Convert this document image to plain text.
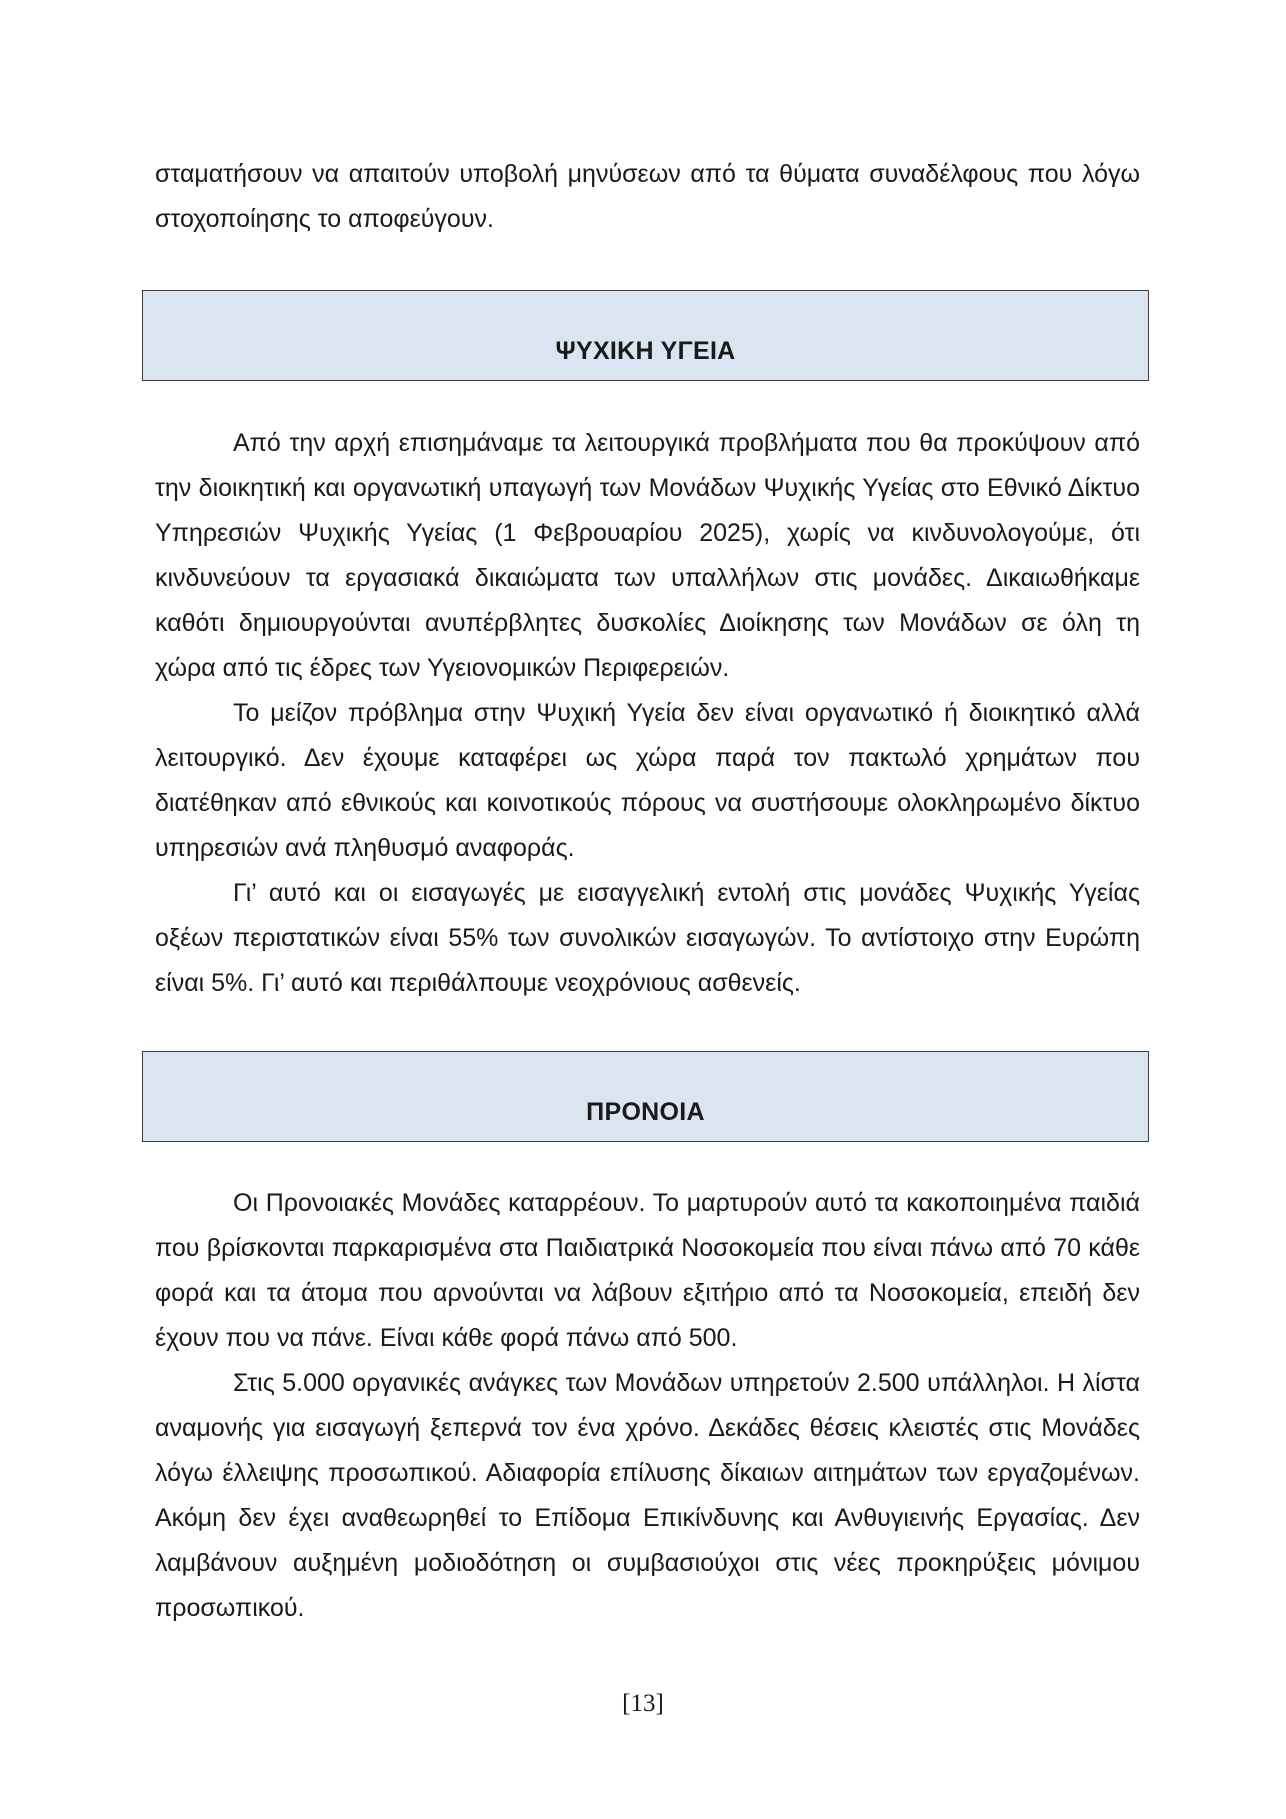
σταματήσουν να απαιτούν υποβολή μηνύσεων από τα θύματα συναδέλφους που λόγω στοχοποίησης το αποφεύγουν.

ΨΥΧΙΚΗ ΥΓΕΙΑ

Από την αρχή επισημάναμε τα λειτουργικά προβλήματα που θα προκύψουν από την διοικητική και οργανωτική υπαγωγή των Μονάδων Ψυχικής Υγείας στο Εθνικό Δίκτυο Υπηρεσιών Ψυχικής Υγείας (1 Φεβρουαρίου 2025), χωρίς να κινδυνολογούμε, ότι κινδυνεύουν τα εργασιακά δικαιώματα των υπαλλήλων στις μονάδες. Δικαιωθήκαμε καθότι δημιουργούνται ανυπέρβλητες δυσκολίες Διοίκησης των Μονάδων σε όλη τη χώρα από τις έδρες των Υγειονομικών Περιφερειών.

Το μείζον πρόβλημα στην Ψυχική Υγεία δεν είναι οργανωτικό ή διοικητικό αλλά λειτουργικό. Δεν έχουμε καταφέρει ως χώρα παρά τον πακτωλό χρημάτων που διατέθηκαν από εθνικούς και κοινοτικούς πόρους να συστήσουμε ολοκληρωμένο δίκτυο υπηρεσιών ανά πληθυσμό αναφοράς.

Γι’ αυτό και οι εισαγωγές με εισαγγελική εντολή στις μονάδες Ψυχικής Υγείας οξέων περιστατικών είναι 55% των συνολικών εισαγωγών. Το αντίστοιχο στην Ευρώπη είναι 5%. Γι’ αυτό και περιθάλπουμε νεοχρόνιους ασθενείς.

ΠΡΟΝΟΙΑ

Οι Προνοιακές Μονάδες καταρρέουν. Το μαρτυρούν αυτό τα κακοποιημένα παιδιά που βρίσκονται παρκαρισμένα στα Παιδιατρικά Νοσοκομεία που είναι πάνω από 70 κάθε φορά και τα άτομα που αρνούνται να λάβουν εξιτήριο από τα Νοσοκομεία, επειδή δεν έχουν που να πάνε. Είναι κάθε φορά πάνω από 500.

Στις 5.000 οργανικές ανάγκες των Μονάδων υπηρετούν 2.500 υπάλληλοι. Η λίστα αναμονής για εισαγωγή ξεπερνά τον ένα χρόνο. Δεκάδες θέσεις κλειστές στις Μονάδες λόγω έλλειψης προσωπικού. Αδιαφορία επίλυσης δίκαιων αιτημάτων των εργαζομένων. Ακόμη δεν έχει αναθεωρηθεί το Επίδομα Επικίνδυνης και Ανθυγιεινής Εργασίας. Δεν λαμβάνουν αυξημένη μοδιοδότηση οι συμβασιούχοι στις νέες προκηρύξεις μόνιμου προσωπικού.

[13]
